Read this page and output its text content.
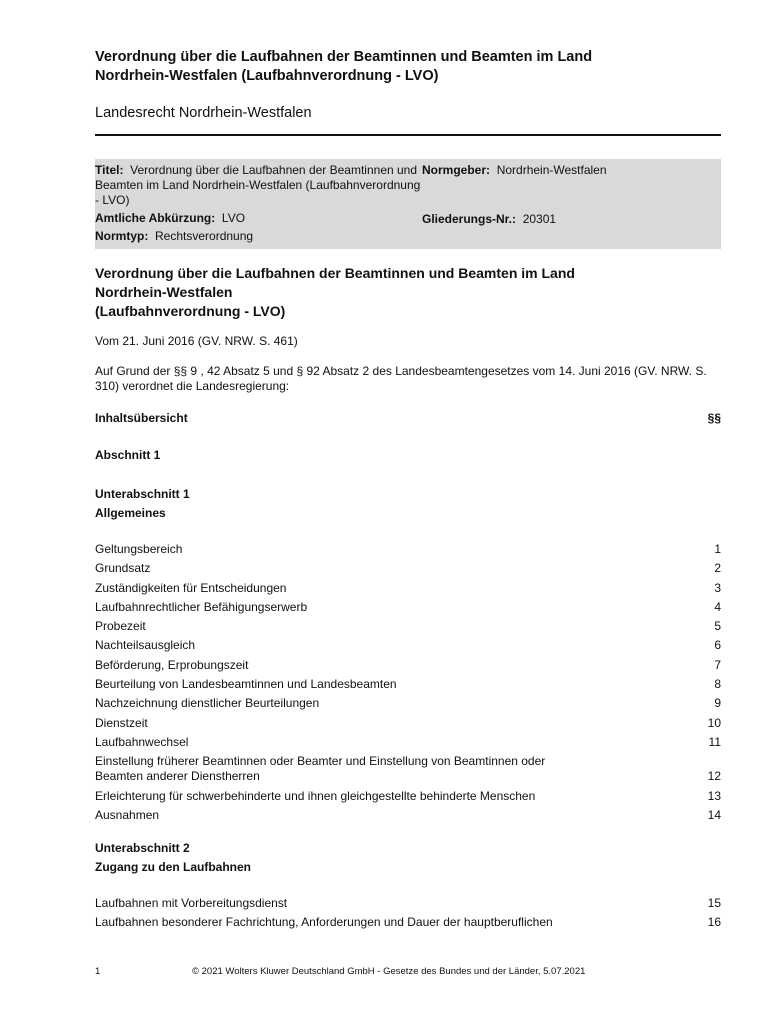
Verordnung über die Laufbahnen der Beamtinnen und Beamten im Land
Nordrhein-Westfalen (Laufbahnverordnung - LVO)
Landesrecht Nordrhein-Westfalen
Titel: Verordnung über die Laufbahnen der Beamtinnen und Beamten im Land Nordrhein-Westfalen (Laufbahnverordnung - LVO)
Amtliche Abkürzung: LVO
Normtyp: Rechtsverordnung
Normgeber: Nordrhein-Westfalen
Gliederungs-Nr.: 20301
Verordnung über die Laufbahnen der Beamtinnen und Beamten im Land
Nordrhein-Westfalen
(Laufbahnverordnung - LVO)
Vom 21. Juni 2016 (GV. NRW. S. 461)
Auf Grund der §§ 9 , 42 Absatz 5 und § 92 Absatz 2 des Landesbeamtengesetzes vom 14. Juni 2016 (GV. NRW. S. 310) verordnet die Landesregierung:
Inhaltsübersicht	§§
Abschnitt 1
Unterabschnitt 1
Allgemeines
Geltungsbereich	1
Grundsatz	2
Zuständigkeiten für Entscheidungen	3
Laufbahnrechtlicher Befähigungserwerb	4
Probezeit	5
Nachteilsausgleich	6
Beförderung, Erprobungszeit	7
Beurteilung von Landesbeamtinnen und Landesbeamten	8
Nachzeichnung dienstlicher Beurteilungen	9
Dienstzeit	10
Laufbahnwechsel	11
Einstellung früherer Beamtinnen oder Beamter und Einstellung von Beamtinnen oder Beamten anderer Dienstherren	12
Erleichterung für schwerbehinderte und ihnen gleichgestellte behinderte Menschen	13
Ausnahmen	14
Unterabschnitt 2
Zugang zu den Laufbahnen
Laufbahnen mit Vorbereitungsdienst	15
Laufbahnen besonderer Fachrichtung, Anforderungen und Dauer der hauptberuflichen	16
1	© 2021 Wolters Kluwer Deutschland GmbH - Gesetze des Bundes und der Länder, 5.07.2021
